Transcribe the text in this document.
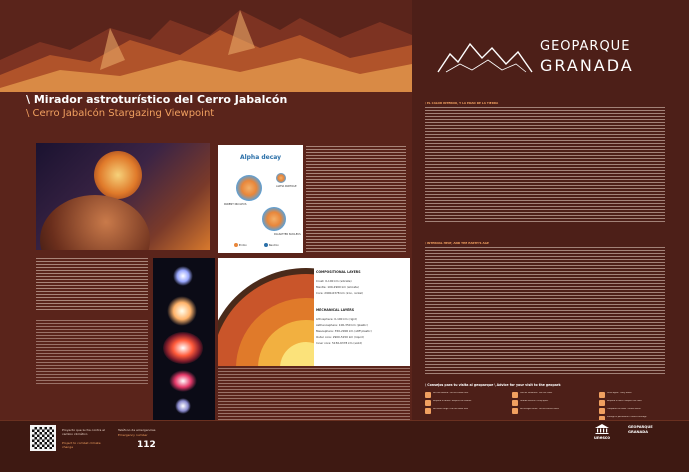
\ Mirador astroturístico del Cerro Jabalcón
\ Cerro Jabalcón Stargazing Viewpoint
Alpha decay
PARENT NUCLEUS
ALPHA PARTICLE
DAUGHTER NUCLEUS
Proton	Neutron
COMPOSITIONAL LAYERS
Crust: 0-100 km (silicate)
Mantle: 100-2900 km (silicate)
Core: 2900-6378 km (iron, nickel)
MECHANICAL LAYERS
Lithosphere: 0-100 km (rigid)
Asthenosphere: 100-350 km (plastic)
Mesosphere: 350-2900 km (stiff plastic)
Outer core: 2900-5150 km (liquid)
Inner core: 5150-6378 km (solid)
GEOPARQUE
GRANADA
\ EL CALOR INTERNO, Y LA EDAD DE LA TIERRA
\ INTERNAL HEAT, AND THE EARTH'S AGE
\ Consejos para tu visita al geoparque \ Advice for your visit to the geopark
No tirar basura / Do not throw litter
Respeta la fauna / Respect the wildlife
No hacer fuego / Do not make fires
Usa los senderos / Use the trails
Guarda silencio / Keep quiet
No recoger rocas / Do not collect rocks
Lleva agua / Carry water
Respeta la flora / Respect the flora
Comparte en redes / Share online
Protege el patrimonio / Protect heritage
Proyecto que lucha contra el cambio climático
Project to combat climate change
Teléfono de emergencias
Emergency number
112
unesco
GEOPARQUE GRANADA
